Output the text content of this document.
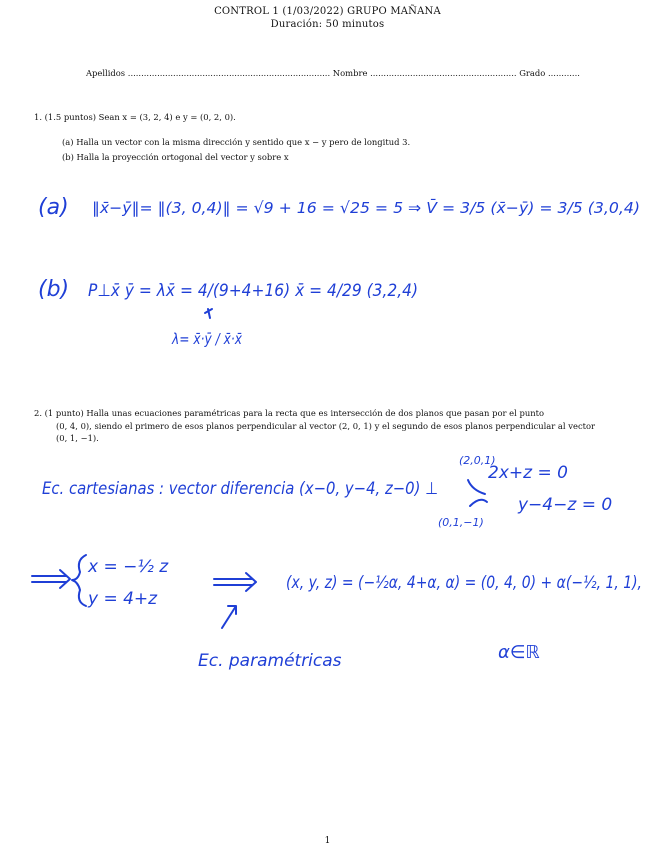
CONTROL 1 (1/03/2022) GRUPO MAÑANA
Duración: 50 minutos
Apellidos ............................................................................ Nombre ....................................................... Grado ............
1. (1.5 puntos) Sean x = (3, 2, 4) e y = (0, 2, 0).
(a) Halla un vector con la misma dirección y sentido que x − y pero de longitud 3.
(b) Halla la proyección ortogonal del vector y sobre x
2. (1 punto) Halla unas ecuaciones paramétricas para la recta que es intersección de dos planos que pasan por el punto
(0, 4, 0), siendo el primero de esos planos perpendicular al vector (2, 0, 1) y el segundo de esos planos perpendicular al vector
(0, 1, −1).
(a) ‖x̄−ȳ‖= ‖(3, 0,4)‖ = √9 + 16 = √25 = 5 ⇒ V̄ = 3/5 (x̄−ȳ) = 3/5 (3,0,4)
(b) P⊥x̄ ȳ = λx̄ = 4/(9+4+16) x̄ = 4/29 (3,2,4)
λ= x̄·ȳ / x̄·x̄
Ec. cartesianas : vector diferencia (x−0, y−4, z−0) ⊥
(2,0,1)
2x+z = 0
(0,1,−1)
y−4−z = 0
x = −½ z
y = 4+z
(x, y, z) = (−½α, 4+α, α) = (0, 4, 0) + α(−½, 1, 1),
Ec. paramétricas	α∈ℝ
1
